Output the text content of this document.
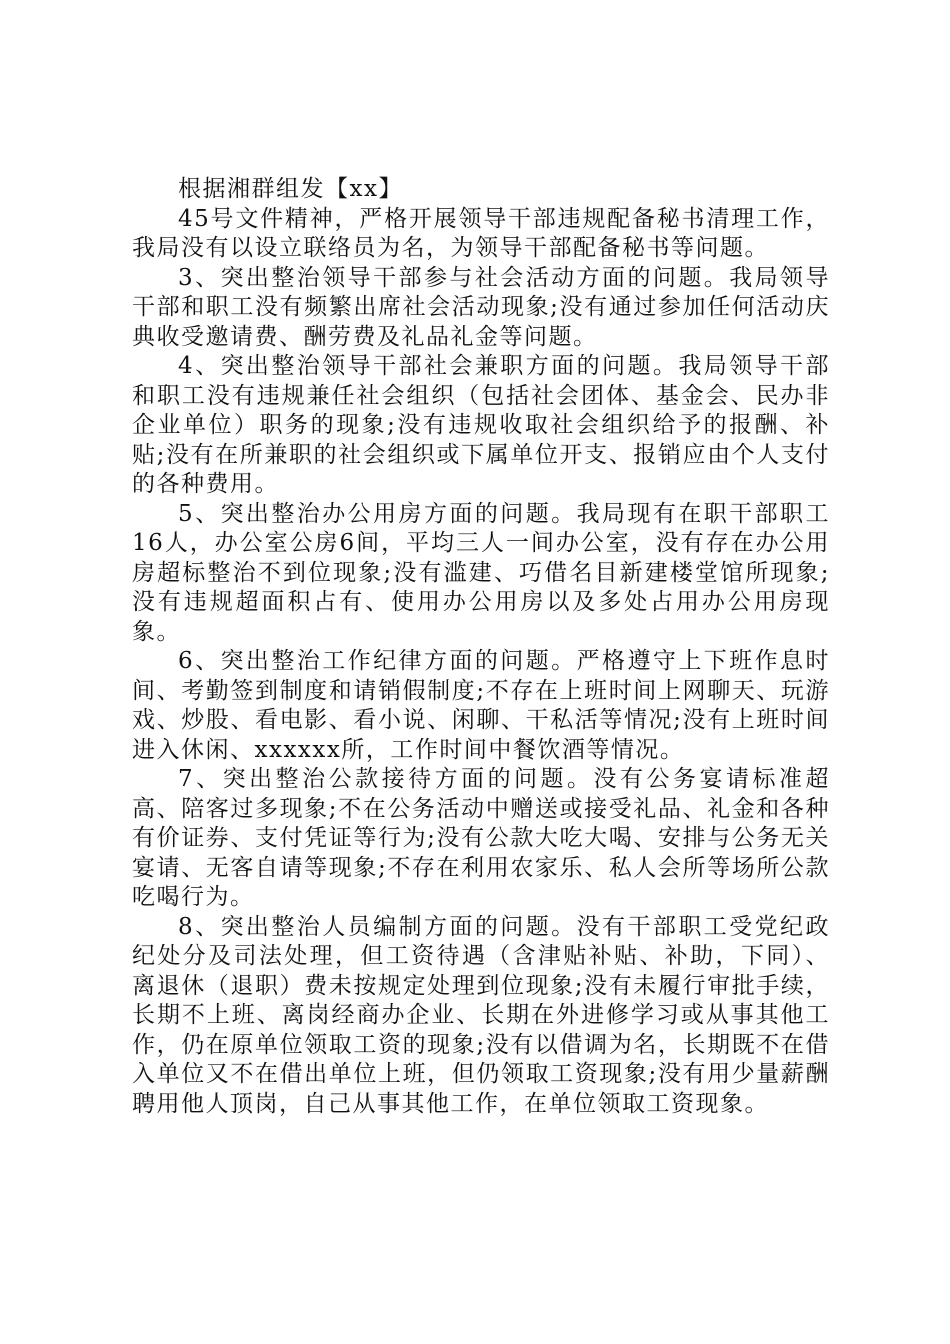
根据湘群组发【xx】

45号文件精神，严格开展领导干部违规配备秘书清理工作，我局没有以设立联络员为名，为领导干部配备秘书等问题。

3、突出整治领导干部参与社会活动方面的问题。我局领导干部和职工没有频繁出席社会活动现象;没有通过参加任何活动庆典收受邀请费、酬劳费及礼品礼金等问题。

4、突出整治领导干部社会兼职方面的问题。我局领导干部和职工没有违规兼任社会组织（包括社会团体、基金会、民办非企业单位）职务的现象;没有违规收取社会组织给予的报酬、补贴;没有在所兼职的社会组织或下属单位开支、报销应由个人支付的各种费用。

5、突出整治办公用房方面的问题。我局现有在职干部职工16人，办公室公房6间，平均三人一间办公室，没有存在办公用房超标整治不到位现象;没有滥建、巧借名目新建楼堂馆所现象;没有违规超面积占有、使用办公用房以及多处占用办公用房现象。

6、突出整治工作纪律方面的问题。严格遵守上下班作息时间、考勤签到制度和请销假制度;不存在上班时间上网聊天、玩游戏、炒股、看电影、看小说、闲聊、干私活等情况;没有上班时间进入休闲、xxxxxx所，工作时间中餐饮酒等情况。

7、突出整治公款接待方面的问题。没有公务宴请标准超高、陪客过多现象;不在公务活动中赠送或接受礼品、礼金和各种有价证券、支付凭证等行为;没有公款大吃大喝、安排与公务无关宴请、无客自请等现象;不存在利用农家乐、私人会所等场所公款吃喝行为。

8、突出整治人员编制方面的问题。没有干部职工受党纪政纪处分及司法处理，但工资待遇（含津贴补贴、补助，下同）、离退休（退职）费未按规定处理到位现象;没有未履行审批手续，长期不上班、离岗经商办企业、长期在外进修学习或从事其他工作，仍在原单位领取工资的现象;没有以借调为名，长期既不在借入单位又不在借出单位上班，但仍领取工资现象;没有用少量薪酬聘用他人顶岗，自己从事其他工作，在单位领取工资现象。
